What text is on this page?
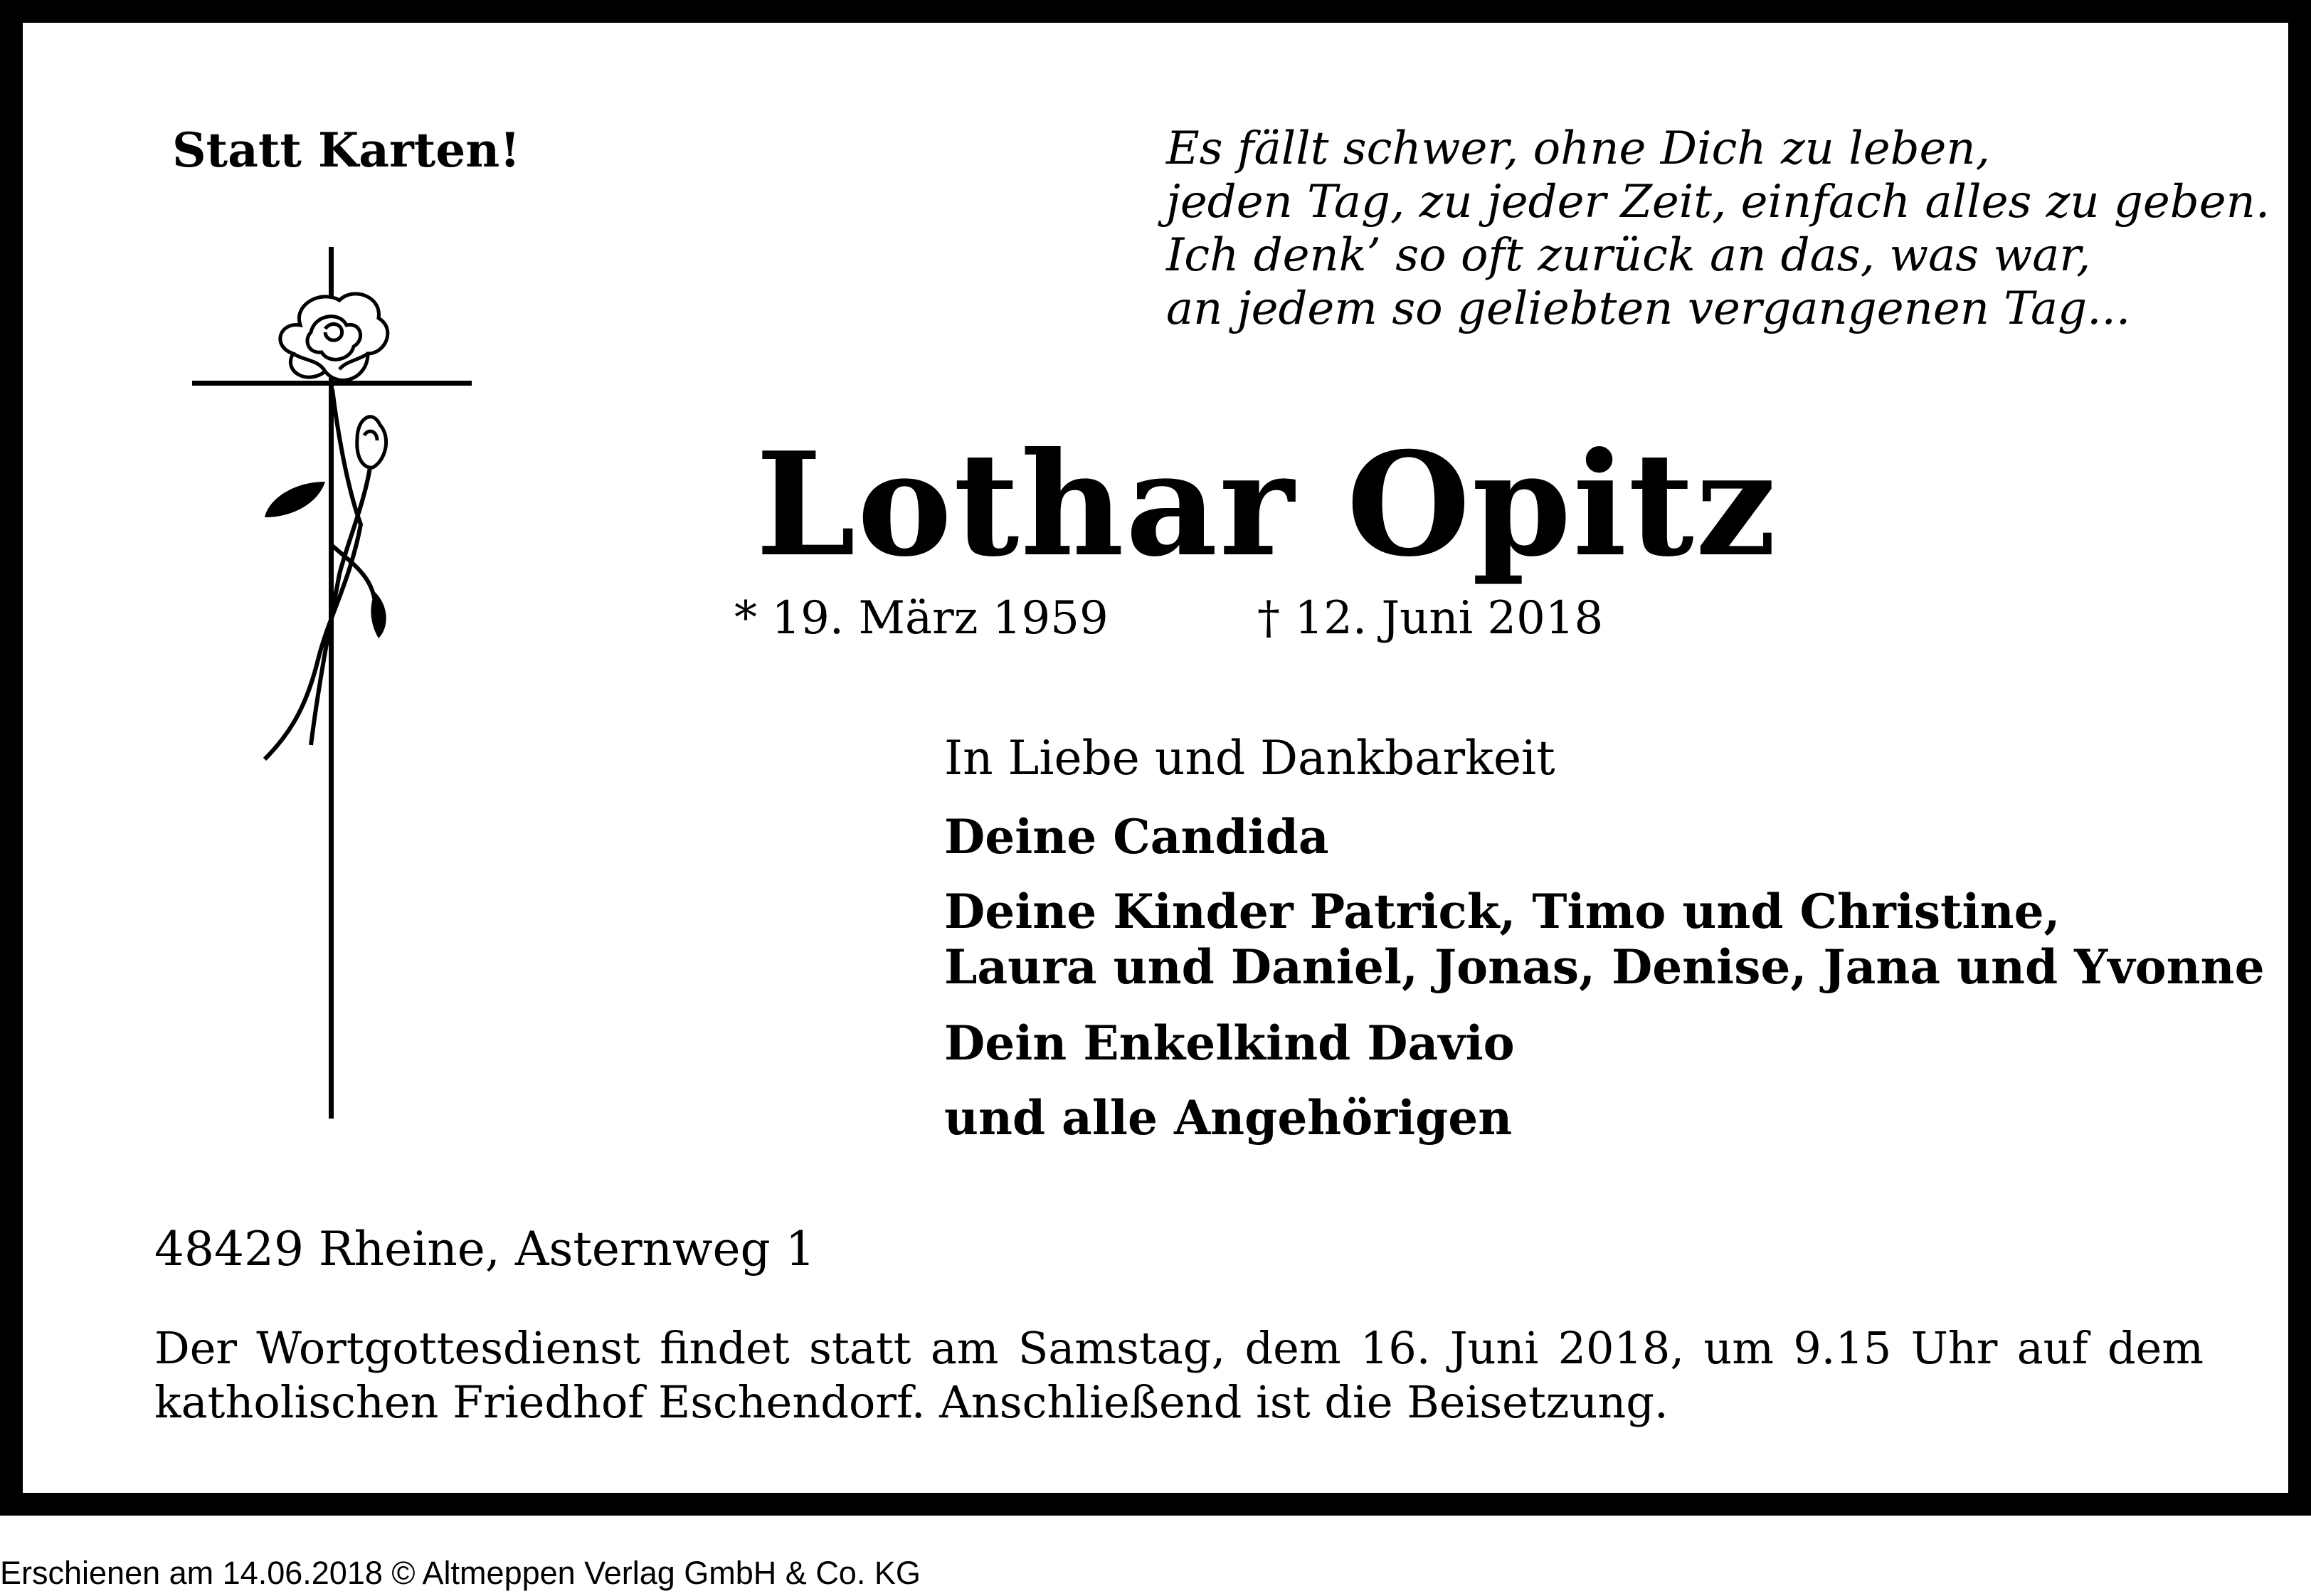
Statt Karten!	Es fällt schwer, ohne Dich zu leben,
jeden Tag, zu jeder Zeit, einfach alles zu geben.
Ich denk’ so oft zurück an das, was war,
an jedem so geliebten vergangenen Tag...
Lothar Opitz
* 19. März 1959	† 12. Juni 2018
In Liebe und Dankbarkeit
Deine Candida
Deine Kinder Patrick, Timo und Christine,
Laura und Daniel, Jonas, Denise, Jana und Yvonne
Dein Enkelkind Davio
und alle Angehörigen
48429 Rheine, Asternweg 1
Der Wortgottesdienst findet statt am Samstag, dem 16. Juni 2018, um 9.15 Uhr auf dem katholischen Friedhof Eschendorf. Anschließend ist die Beisetzung.
Erschienen am 14.06.2018 © Altmeppen Verlag GmbH & Co. KG
